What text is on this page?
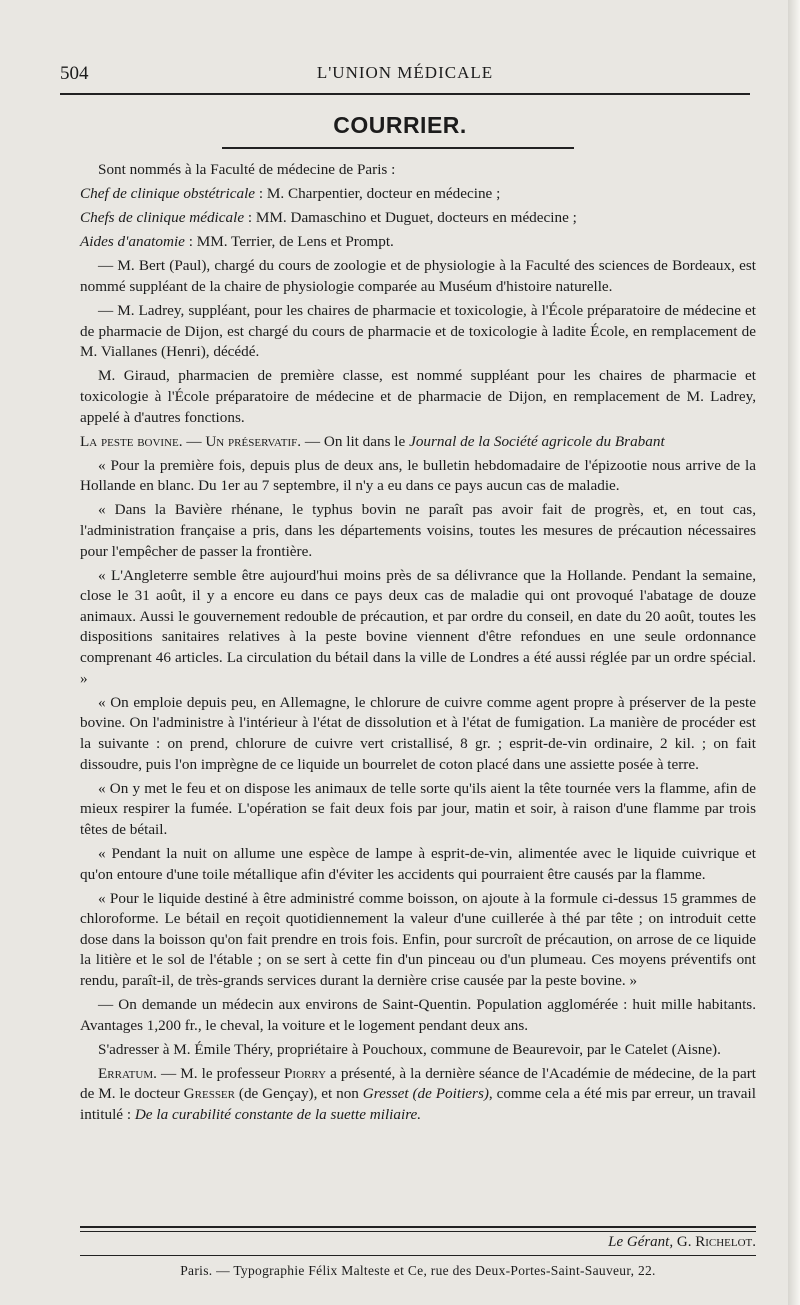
504	L'UNION MÉDICALE
COURRIER.

Sont nommés à la Faculté de médecine de Paris :

Chef de clinique obstétricale : M. Charpentier, docteur en médecine ;

Chefs de clinique médicale : MM. Damaschino et Duguet, docteurs en médecine ;

Aides d'anatomie : MM. Terrier, de Lens et Prompt.

— M. Bert (Paul), chargé du cours de zoologie et de physiologie à la Faculté des sciences de Bordeaux, est nommé suppléant de la chaire de physiologie comparée au Muséum d'histoire naturelle.

— M. Ladrey, suppléant, pour les chaires de pharmacie et toxicologie, à l'École préparatoire de médecine et de pharmacie de Dijon, est chargé du cours de pharmacie et de toxicologie à ladite École, en remplacement de M. Viallanes (Henri), décédé.

M. Giraud, pharmacien de première classe, est nommé suppléant pour les chaires de pharmacie et toxicologie à l'École préparatoire de médecine et de pharmacie de Dijon, en remplacement de M. Ladrey, appelé à d'autres fonctions.

La peste bovine. — Un préservatif. — On lit dans le Journal de la Société agricole du Brabant

« Pour la première fois, depuis plus de deux ans, le bulletin hebdomadaire de l'épizootie nous arrive de la Hollande en blanc. Du 1er au 7 septembre, il n'y a eu dans ce pays aucun cas de maladie.

« Dans la Bavière rhénane, le typhus bovin ne paraît pas avoir fait de progrès, et, en tout cas, l'administration française a pris, dans les départements voisins, toutes les mesures de précaution nécessaires pour l'empêcher de passer la frontière.

« L'Angleterre semble être aujourd'hui moins près de sa délivrance que la Hollande. Pendant la semaine, close le 31 août, il y a encore eu dans ce pays deux cas de maladie qui ont provoqué l'abatage de douze animaux. Aussi le gouvernement redouble de précaution, et par ordre du conseil, en date du 20 août, toutes les dispositions sanitaires relatives à la peste bovine viennent d'être refondues en une seule ordonnance comprenant 46 articles. La circulation du bétail dans la ville de Londres a été aussi réglée par un ordre spécial. »

« On emploie depuis peu, en Allemagne, le chlorure de cuivre comme agent propre à préserver de la peste bovine. On l'administre à l'intérieur à l'état de dissolution et à l'état de fumigation. La manière de procéder est la suivante : on prend, chlorure de cuivre vert cristallisé, 8 gr. ; esprit-de-vin ordinaire, 2 kil. ; on fait dissoudre, puis l'on imprègne de ce liquide un bourrelet de coton placé dans une assiette posée à terre.

« On y met le feu et on dispose les animaux de telle sorte qu'ils aient la tête tournée vers la flamme, afin de mieux respirer la fumée. L'opération se fait deux fois par jour, matin et soir, à raison d'une flamme par trois têtes de bétail.

« Pendant la nuit on allume une espèce de lampe à esprit-de-vin, alimentée avec le liquide cuivrique et qu'on entoure d'une toile métallique afin d'éviter les accidents qui pourraient être causés par la flamme.

« Pour le liquide destiné à être administré comme boisson, on ajoute à la formule ci-dessus 15 grammes de chloroforme. Le bétail en reçoit quotidiennement la valeur d'une cuillerée à thé par tête ; on introduit cette dose dans la boisson qu'on fait prendre en trois fois. Enfin, pour surcroît de précaution, on arrose de ce liquide la litière et le sol de l'étable ; on se sert à cette fin d'un pinceau ou d'un plumeau. Ces moyens préventifs ont rendu, paraît-il, de très-grands services durant la dernière crise causée par la peste bovine. »

— On demande un médecin aux environs de Saint-Quentin. Population agglomérée : huit mille habitants. Avantages 1,200 fr., le cheval, la voiture et le logement pendant deux ans.

S'adresser à M. Émile Théry, propriétaire à Pouchoux, commune de Beaurevoir, par le Catelet (Aisne).

Erratum. — M. le professeur Piorry a présenté, à la dernière séance de l'Académie de médecine, de la part de M. le docteur Gresser (de Gençay), et non Gresset (de Poitiers), comme cela a été mis par erreur, un travail intitulé : De la curabilité constante de la suette miliaire.

Le Gérant, G. Richelot.
Paris. — Typographie Félix Malteste et Ce, rue des Deux-Portes-Saint-Sauveur, 22.
